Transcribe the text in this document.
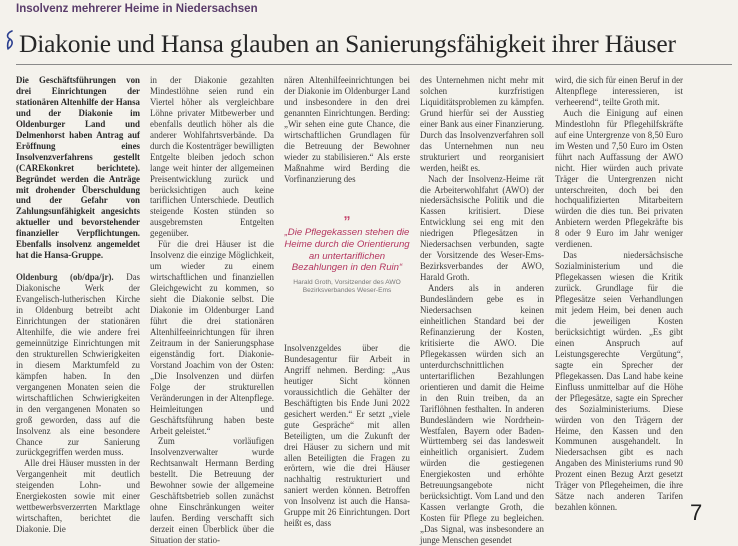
Insolvenz mehrerer Heime in Niedersachsen
Diakonie und Hansa glauben an Sanierungsfähigkeit ihrer Häuser

Die Geschäftsführungen von drei Einrichtungen der stationären Altenhilfe der Hansa und der Diakonie im Oldenburger Land und Delmenhorst haben Antrag auf Eröffnung eines Insolvenzverfahrens gestellt (CAREkonkret berichtete). Begründet werden die Anträge mit drohender Überschuldung und der Gefahr von Zahlungsunfähigkeit angesichts aktueller und bevorstehender finanzieller Verpflichtungen. Ebenfalls insolvenz angemeldet hat die Hansa-Gruppe.

Oldenburg (ob/dpa/jr). Das Diakonische Werk der Evangelisch-lutherischen Kirche in Oldenburg betreibt acht Einrichtungen der stationären Altenhilfe, die wie andere frei gemeinnützige Einrichtungen mit den strukturellen Schwierigkeiten in diesem Marktumfeld zu kämpfen haben. In den vergangenen Monaten seien die wirtschaftlichen Schwierigkeiten in den vergangenen Monaten so groß geworden, dass auf die Insolvenz als eine besondere Chance zur Sanierung zurückgegriffen werden muss.

Alle drei Häuser mussten in der Vergangenheit mit deutlich steigenden Lohn- und Energiekosten sowie mit einer wettbewerbsverzerrten Marktlage wirtschaften, berichtet die Diakonie. Die

in der Diakonie gezahlten Mindestlöhne seien rund ein Viertel höher als vergleichbare Löhne privater Mitbewerber und ebenfalls deutlich höher als die anderer Wohlfahrtsverbände. Da durch die Kostenträger bewilligten Entgelte bleiben jedoch schon lange weit hinter der allgemeinen Preisentwicklung zurück und berücksichtigen auch keine tariflichen Unterschiede. Deutlich steigende Kosten stünden so ausgebremsten Entgelten gegenüber.

Für die drei Häuser ist die Insolvenz die einzige Möglichkeit, um wieder zu einem wirtschaftlichen und finanziellen Gleichgewicht zu kommen, so sieht die Diakonie selbst. Die Diakonie im Oldenburger Land führt die drei stationären Altenhilfeeinrichtungen für ihren Zeitraum in der Sanierungsphase eigenständig fort. Diakonie-Vorstand Joachim von der Osten: „Die Insolvenzen und dürfen Folge der strukturellen Veränderungen in der Altenpflege. Heimleitungen und Geschäftsführung haben beste Arbeit geleistet.“

Zum vorläufigen Insolvenzverwalter wurde Rechtsanwalt Hermann Berding bestellt. Die Betreuung der Bewohner sowie der allgemeine Geschäftsbetrieb sollen zunächst ohne Einschränkungen weiter laufen. Berding verschafft sich derzeit einen Überblick über die Situation der statio-

nären Altenhilfeeinrichtungen bei der Diakonie im Oldenburger Land und insbesondere in den drei genannten Einrichtungen. Berding: „Wir sehen eine gute Chance, die wirtschaftlichen Grundlagen für die Betreuung der Bewohner wieder zu stabilisieren.“ Als erste Maßnahme wird Berding die Vorfinanzierung des

„
„Die Pflegekassen stehen die Heime durch die Orientierung an untertariflichen Bezahlungen in den Ruin“
Harald Groth, Vorsitzender des AWO Bezirksverbandes Weser-Ems

Insolvenzgeldes über die Bundesagentur für Arbeit in Angriff nehmen. Berding: „Aus heutiger Sicht können voraussichtlich die Gehälter der Beschäftigten bis Ende Juni 2022 gesichert werden.“ Er setzt „viele gute Gespräche“ mit allen Beteiligten, um die Zukunft der drei Häuser zu sichern und mit allen Beteiligten die Fragen zu erörtern, wie die drei Häuser nachhaltig restrukturiert und saniert werden können. Betroffen von Insolvenz ist auch die Hansa-Gruppe mit 26 Einrichtungen. Dort heißt es, dass

des Unternehmen nicht mehr mit solchen kurzfristigen Liquiditätsproblemen zu kämpfen. Grund hierfür sei der Ausstieg einer Bank aus einer Finanzierung. Durch das Insolvenzverfahren soll das Unternehmen nun neu strukturiert und reorganisiert werden, heißt es.

Nach der Insolvenz-Heime rät die Arbeiterwohlfahrt (AWO) der niedersächsische Politik und die Kassen kritisiert. Diese Entwicklung sei eng mit den niedrigen Pflegesätzen in Niedersachsen verbunden, sagte der Vorsitzende des Weser-Ems-Bezirksverbandes der AWO, Harald Groth.

Anders als in anderen Bundesländern gebe es in Niedersachsen keinen einheitlichen Standard bei der Refinanzierung der Kosten, kritisierte die AWO. Die Pflegekassen würden sich an unterdurchschnittlichen untertariflichen Bezahlungen orientieren und damit die Heime in den Ruin treiben, da an Tariflöhnen festhalten. In anderen Bundesländern wie Nordrhein-Westfalen, Bayern oder Baden-Württemberg sei das landesweit einheitlich organisiert. Zudem würden die gestiegenen Energiekosten und erhöhte Betreuungsangebote nicht berücksichtigt. Vom Land und den Kassen verlangte Groth, die Kosten für Pflege zu begleichen. „Das Signal, was insbesondere an junge Menschen gesendet

wird, die sich für einen Beruf in der Altenpflege interessieren, ist verheerend“, teilte Groth mit.

Auch die Einigung auf einen Mindestlohn für Pflegehilfskräfte auf eine Untergrenze von 8,50 Euro im Westen und 7,50 Euro im Osten führt nach Auffassung der AWO nicht. Hier würden auch private Träger die Untergrenzen nicht unterschreiten, doch bei den hochqualifizierten Mitarbeitern würden die dies tun. Bei privaten Anbietern werden Pflegekräfte bis 8 oder 9 Euro im Jahr weniger verdienen.

Das niedersächsische Sozialministerium und die Pflegekassen wiesen die Kritik zurück. Grundlage für die Pflegesätze seien Verhandlungen mit jedem Heim, bei denen auch die jeweiligen Kosten berücksichtigt würden. „Es gibt einen Anspruch auf Leistungsgerechte Vergütung“, sagte ein Sprecher der Pflegekassen. Das Land habe keine Einfluss unmittelbar auf die Höhe der Pflegesätze, sagte ein Sprecher des Sozialministeriums. Diese würden von den Trägern der Heime, den Kassen und den Kommunen ausgehandelt. In Niedersachsen gibt es nach Angaben des Ministeriums rund 90 Prozent einen Bezug Arzt gesetzt Träger von Pflegeheimen, die ihre Sätze nach anderen Tarifen bezahlen können.	7
